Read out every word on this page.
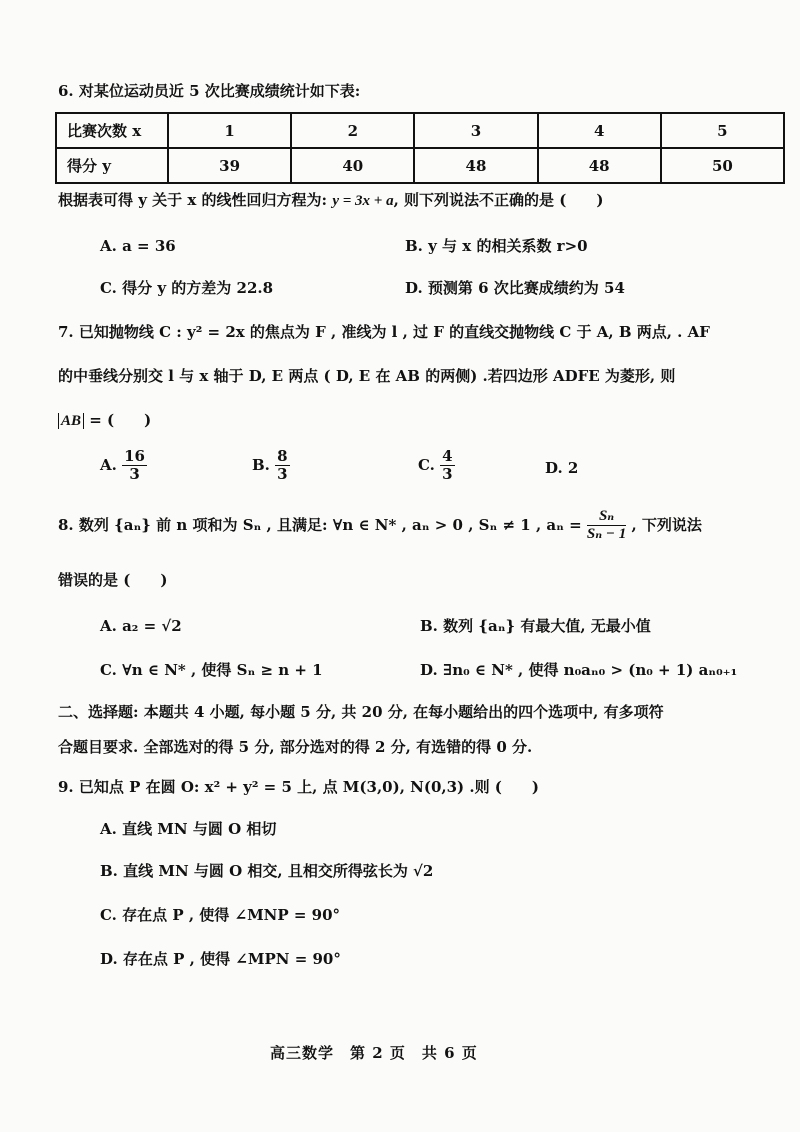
6. 对某位运动员近 5 次比赛成绩统计如下表:
比赛次数 x	1	2	3	4	5
得分 y	39	40	48	48	50
根据表可得 y 关于 x 的线性回归方程为: y = 3x + a, 则下列说法不正确的是 (　　)
A. a = 36	B. y 与 x 的相关系数 r>0
C. 得分 y 的方差为 22.8	D. 预测第 6 次比赛成绩约为 54
7. 已知抛物线 C : y² = 2x 的焦点为 F , 准线为 l , 过 F 的直线交抛物线 C 于 A, B 两点, . AF
的中垂线分别交 l 与 x 轴于 D, E 两点 ( D, E 在 AB 的两侧) .若四边形 ADFE 为菱形, 则
AB = (　　)
A. $\frac{16}{3}$	B. $\frac{8}{3}$	C. $\frac{4}{3}$	D. 2
8. 数列 {aₙ} 前 n 项和为 Sₙ , 且满足: ∀n ∈ N* , aₙ > 0 , Sₙ ≠ 1 , $a_n = \frac{\text{Sₙ}}{\text{Sₙ − 1}}$ , 下列说法
错误的是 (　　)
A. a₂ = √2	B. 数列 {aₙ} 有最大值, 无最小值
C. ∀n ∈ N* , 使得 Sₙ ≥ n + 1	D. ∃n₀ ∈ N* , 使得 n₀aₙ₀ > (n₀ + 1) aₙ₀₊₁
二、选择题: 本题共 4 小题, 每小题 5 分, 共 20 分, 在每小题给出的四个选项中, 有多项符
合题目要求. 全部选对的得 5 分, 部分选对的得 2 分, 有选错的得 0 分.
9. 已知点 P 在圆 O: x² + y² = 5 上, 点 M(3,0), N(0,3) .则 (　　)
A. 直线 MN 与圆 O 相切
B. 直线 MN 与圆 O 相交, 且相交所得弦长为 √2
C. 存在点 P , 使得 ∠MNP = 90°
D. 存在点 P , 使得 ∠MPN = 90°
高三数学　第 2 页　共 6 页
